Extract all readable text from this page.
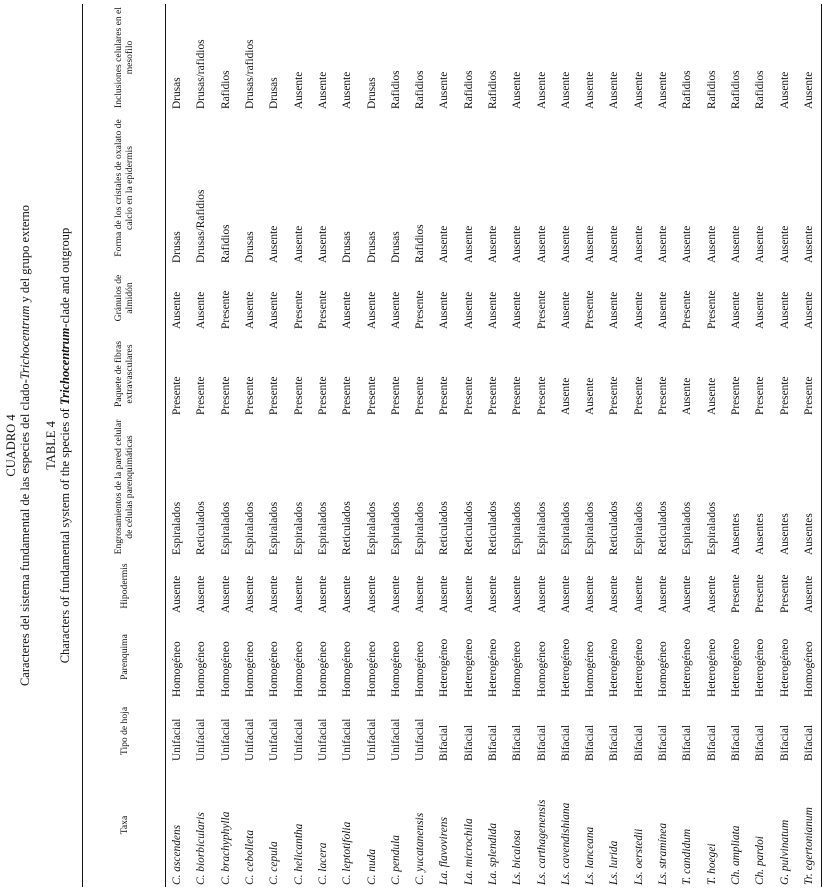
CUADRO 4 Caracteres del sistema fundamental de las especies del clado-Trichocentrum y del grupo externo
TABLE 4 Characters of fundamental system of the species of Trichocentrum-clade and outgroup
Taxa	Tipo de hoja	Parenquima	Hipodermis	Engrosamientos de la pared celular de células parenquimáticas	Paquete de fibras extravasculares	Gránulos de almidón	Forma de los cristales de oxalato de calcio en la epidermis	Inclusiones celulares en el mesofilo
C. ascendens	Unifacial	Homogéneo	Ausente	Espiralados	Presente	Ausente	Drusas	Drusas
C. biorbicularis	Unifacial	Homogéneo	Ausente	Reticulados	Presente	Ausente	Drusas/Rafidios	Drusas/rafidios
C. brachyphylla	Unifacial	Homogéneo	Ausente	Espiralados	Presente	Presente	Rafidios	Rafidios
C. cebolleta	Unifacial	Homogéneo	Ausente	Espiralados	Presente	Ausente	Drusas	Drusas/rafidios
C. cepula	Unifacial	Homogéneo	Ausente	Espiralados	Presente	Ausente	Ausente	Drusas
C. helicantha	Unifacial	Homogéneo	Ausente	Espiralados	Presente	Presente	Ausente	Ausente
C. lacera	Unifacial	Homogéneo	Ausente	Espiralados	Presente	Presente	Ausente	Ausente
C. leptotifolia	Unifacial	Homogéneo	Ausente	Reticulados	Presente	Ausente	Drusas	Ausente
C. nuda	Unifacial	Homogéneo	Ausente	Espiralados	Presente	Ausente	Drusas	Drusas
C. pendula	Unifacial	Homogéneo	Ausente	Espiralados	Presente	Ausente	Drusas	Rafidios
C. yucatanensis	Unifacial	Homogéneo	Ausente	Espiralados	Presente	Presente	Rafidios	Rafidios
La. flavovirens	Bifacial	Heterogéneo	Ausente	Reticulados	Presente	Ausente	Ausente	Ausente
La. microchila	Bifacial	Heterogéneo	Ausente	Reticulados	Presente	Ausente	Ausente	Rafidios
La. splendida	Bifacial	Heterogéneo	Ausente	Reticulados	Presente	Ausente	Ausente	Rafidios
Ls. bicalosa	Bifacial	Homogéneo	Ausente	Espiralados	Presente	Ausente	Ausente	Ausente
Ls. carthagenensis	Bifacial	Homogéneo	Ausente	Espiralados	Presente	Presente	Ausente	Ausente
Ls. cavendishiana	Bifacial	Heterogéneo	Ausente	Espiralados	Ausente	Ausente	Ausente	Ausente
Ls. lanceana	Bifacial	Homogéneo	Ausente	Espiralados	Ausente	Presente	Ausente	Ausente
Ls. lurida	Bifacial	Heterogéneo	Ausente	Reticulados	Presente	Ausente	Ausente	Ausente
Ls. oerstedii	Bifacial	Heterogéneo	Ausente	Espiralados	Presente	Ausente	Ausente	Ausente
Ls. stramínea	Bifacial	Homogéneo	Ausente	Reticulados	Presente	Ausente	Ausente	Ausente
T. candidum	Bifacial	Heterogéneo	Ausente	Espiralados	Ausente	Presente	Ausente	Rafidios
T. hoegei	Bifacial	Heterogéneo	Ausente	Espiralados	Ausente	Presente	Ausente	Rafidios
Ch. ampliata	Bifacial	Heterogéneo	Presente	Ausentes	Presente	Ausente	Ausente	Rafidios
Ch. pardoi	Bifacial	Heterogéneo	Presente	Ausentes	Presente	Ausente	Ausente	Rafidios
G. pulvinatum	Bifacial	Heterogéneo	Presente	Ausentes	Presente	Ausente	Ausente	Ausente
Tr. egertonianum	Bifacial	Homogéneo	Ausente	Ausentes	Presente	Ausente	Ausente	Ausente
